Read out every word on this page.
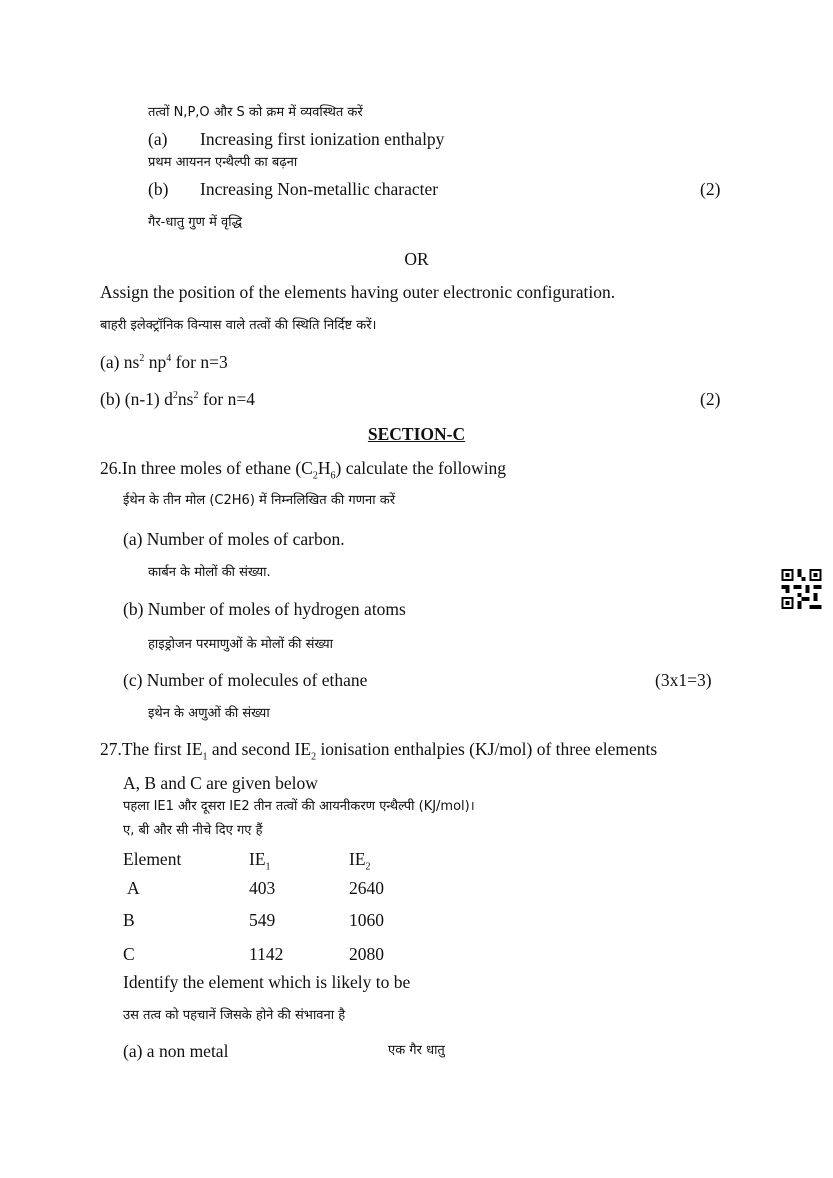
तत्वों N,P,O और S को क्रम में व्यवस्थित करें
(a) Increasing first ionization enthalpy
प्रथम आयनन एन्थैल्पी का बढ़ना
(b) Increasing Non-metallic character	(2)
गैर-धातु गुण में वृद्धि
OR
Assign the position of the elements having outer electronic configuration.
बाहरी इलेक्ट्रॉनिक विन्यास वाले तत्वों की स्थिति निर्दिष्ट करें।
(a) $ns^2$ $np^4$ for n=3
(b) (n-1) $d^2ns^2$ for n=4	(2)
SECTION-C
26.In three moles of ethane $(C_2H_6)$ calculate the following
ईथेन के तीन मोल (C2H6) में निम्नलिखित की गणना करें
(a) Number of moles of carbon.
कार्बन के मोलों की संख्या.
(b) Number of moles of hydrogen atoms
हाइड्रोजन परमाणुओं के मोलों की संख्या
(c) Number of molecules of ethane	(3x1=3)
इथेन के अणुओं की संख्या
27.The first $IE_1$ and second $IE_2$ ionisation enthalpies (KJ/mol) of three elements
A, B and C are given below
पहला IE1 और दूसरा IE2 तीन तत्वों की आयनीकरण एन्थैल्पी (KJ/mol)।
ए, बी और सी नीचे दिए गए हैं
Element	$IE_1$	$IE_2$
A	403	2640
B	549	1060
C	1142	2080
Identify the element which is likely to be
उस तत्व को पहचानें जिसके होने की संभावना है
(a) a non metal	एक गैर धातु
